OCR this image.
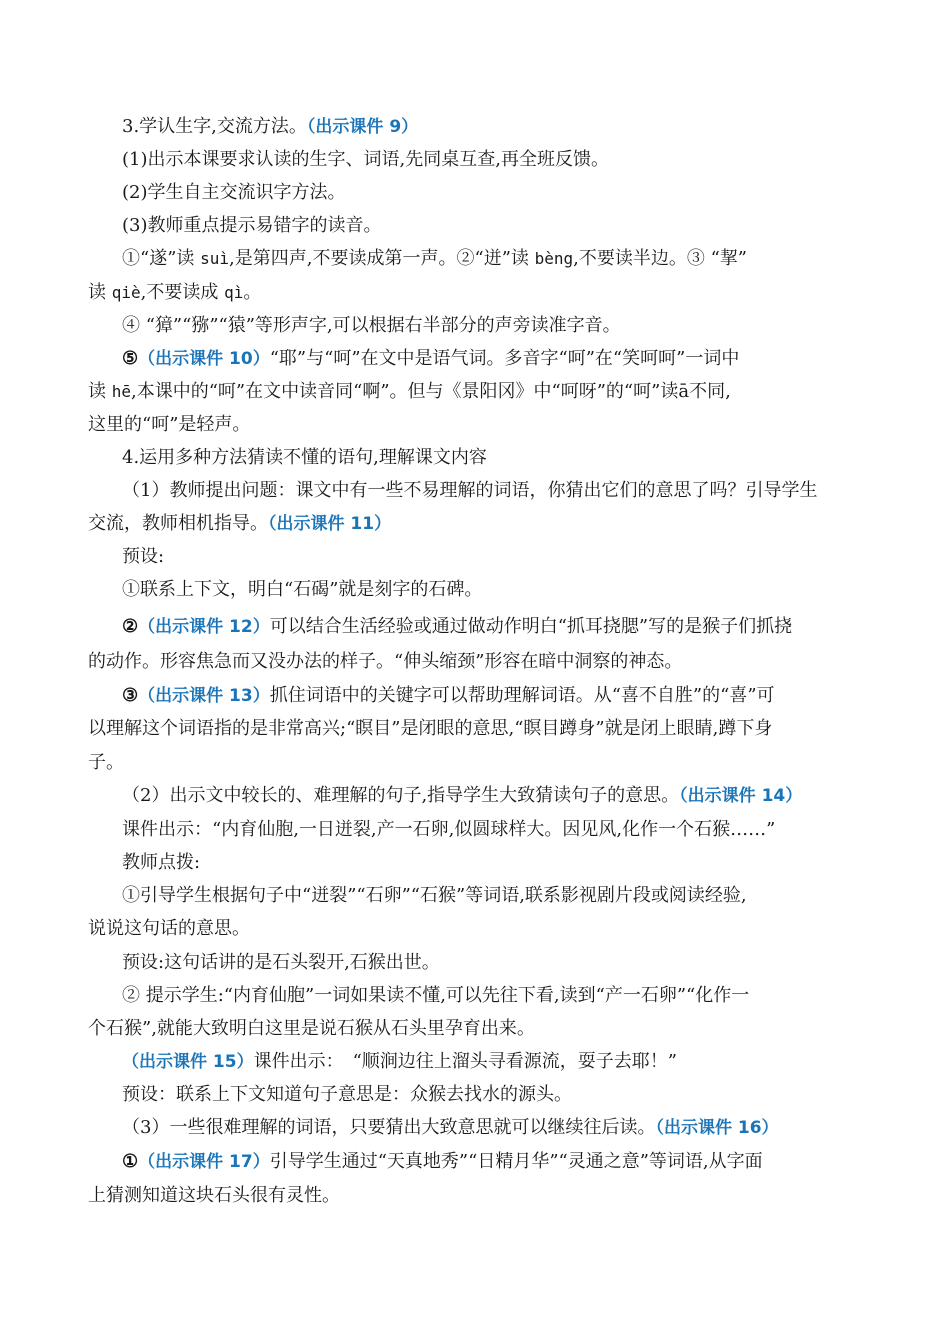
3.学认生字,交流方法。（出示课件 9）
(1)出示本课要求认读的生字、词语,先同桌互查,再全班反馈。
(2)学生自主交流识字方法。
(3)教师重点提示易错字的读音。
①“遂”读 suì,是第四声,不要读成第一声。②“迸”读 bèng,不要读半边。③ “挈”
读 qiè,不要读成 qì。
④ “獐”“猕”“猿”等形声字,可以根据右半部分的声旁读准字音。
⑤（出示课件 10）“耶”与“呵”在文中是语气词。多音字“呵”在“笑呵呵”一词中
读 hē,本课中的“呵”在文中读音同“啊”。但与《景阳冈》中“呵呀”的“呵”读ā不同,
这里的“呵”是轻声。
4.运用多种方法猜读不懂的语句,理解课文内容
（1）教师提出问题：课文中有一些不易理解的词语，你猜出它们的意思了吗？引导学生
交流，教师相机指导。（出示课件 11）
预设:
①联系上下文，明白“石碣”就是刻字的石碑。
②（出示课件 12）可以结合生活经验或通过做动作明白“抓耳挠腮”写的是猴子们抓挠
的动作。形容焦急而又没办法的样子。“伸头缩颈”形容在暗中洞察的神态。
③（出示课件 13）抓住词语中的关键字可以帮助理解词语。从“喜不自胜”的“喜”可
以理解这个词语指的是非常高兴;“瞑目”是闭眼的意思,“瞑目蹲身”就是闭上眼睛,蹲下身
子。
（2）出示文中较长的、难理解的句子,指导学生大致猜读句子的意思。（出示课件 14）
课件出示：“内育仙胞,一日迸裂,产一石卵,似圆球样大。因见风,化作一个石猴……”
教师点拨:
①引导学生根据句子中“迸裂”“石卵”“石猴”等词语,联系影视剧片段或阅读经验,
说说这句话的意思。
预设:这句话讲的是石头裂开,石猴出世。
② 提示学生:“内育仙胞”一词如果读不懂,可以先往下看,读到“产一石卵”“化作一
个石猴”,就能大致明白这里是说石猴从石头里孕育出来。
（出示课件 15）课件出示：　“顺涧边往上溜头寻看源流，耍子去耶！”
预设：联系上下文知道句子意思是：众猴去找水的源头。
（3）一些很难理解的词语，只要猜出大致意思就可以继续往后读。（出示课件 16）
①（出示课件 17）引导学生通过“天真地秀”“日精月华”“灵通之意”等词语,从字面
上猜测知道这块石头很有灵性。
